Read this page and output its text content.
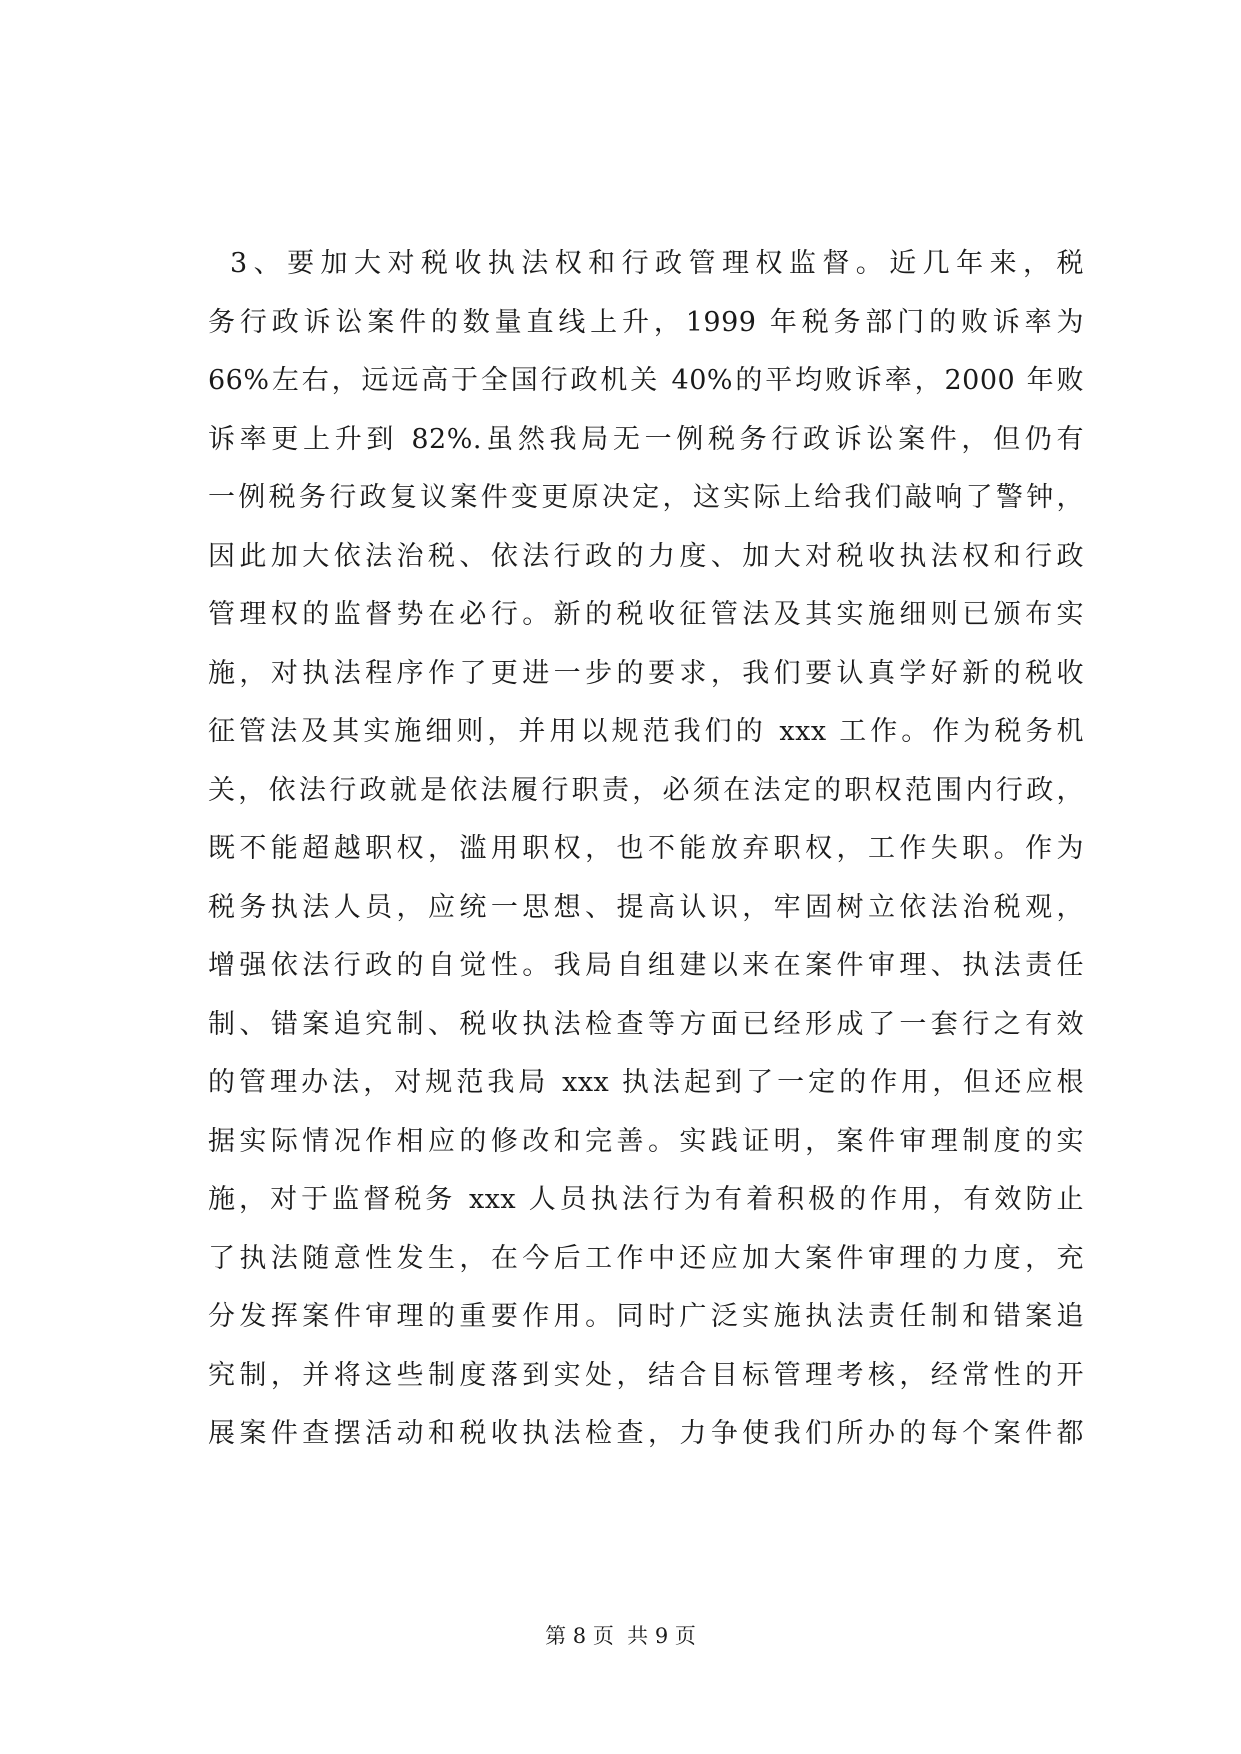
3、要加大对税收执法权和行政管理权监督。近几年来，税
务行政诉讼案件的数量直线上升，1999 年税务部门的败诉率为
66%左右，远远高于全国行政机关 40%的平均败诉率，2000 年败
诉率更上升到 82%.虽然我局无一例税务行政诉讼案件，但仍有
一例税务行政复议案件变更原决定，这实际上给我们敲响了警钟，
因此加大依法治税、依法行政的力度、加大对税收执法权和行政
管理权的监督势在必行。新的税收征管法及其实施细则已颁布实
施，对执法程序作了更进一步的要求，我们要认真学好新的税收
征管法及其实施细则，并用以规范我们的 xxx 工作。作为税务机
关，依法行政就是依法履行职责，必须在法定的职权范围内行政，
既不能超越职权，滥用职权，也不能放弃职权，工作失职。作为
税务执法人员，应统一思想、提高认识，牢固树立依法治税观，
增强依法行政的自觉性。我局自组建以来在案件审理、执法责任
制、错案追究制、税收执法检查等方面已经形成了一套行之有效
的管理办法，对规范我局 xxx 执法起到了一定的作用，但还应根
据实际情况作相应的修改和完善。实践证明，案件审理制度的实
施，对于监督税务 xxx 人员执法行为有着积极的作用，有效防止
了执法随意性发生，在今后工作中还应加大案件审理的力度，充
分发挥案件审理的重要作用。同时广泛实施执法责任制和错案追
究制，并将这些制度落到实处，结合目标管理考核，经常性的开
展案件查摆活动和税收执法检查，力争使我们所办的每个案件都
第 8 页  共 9 页
